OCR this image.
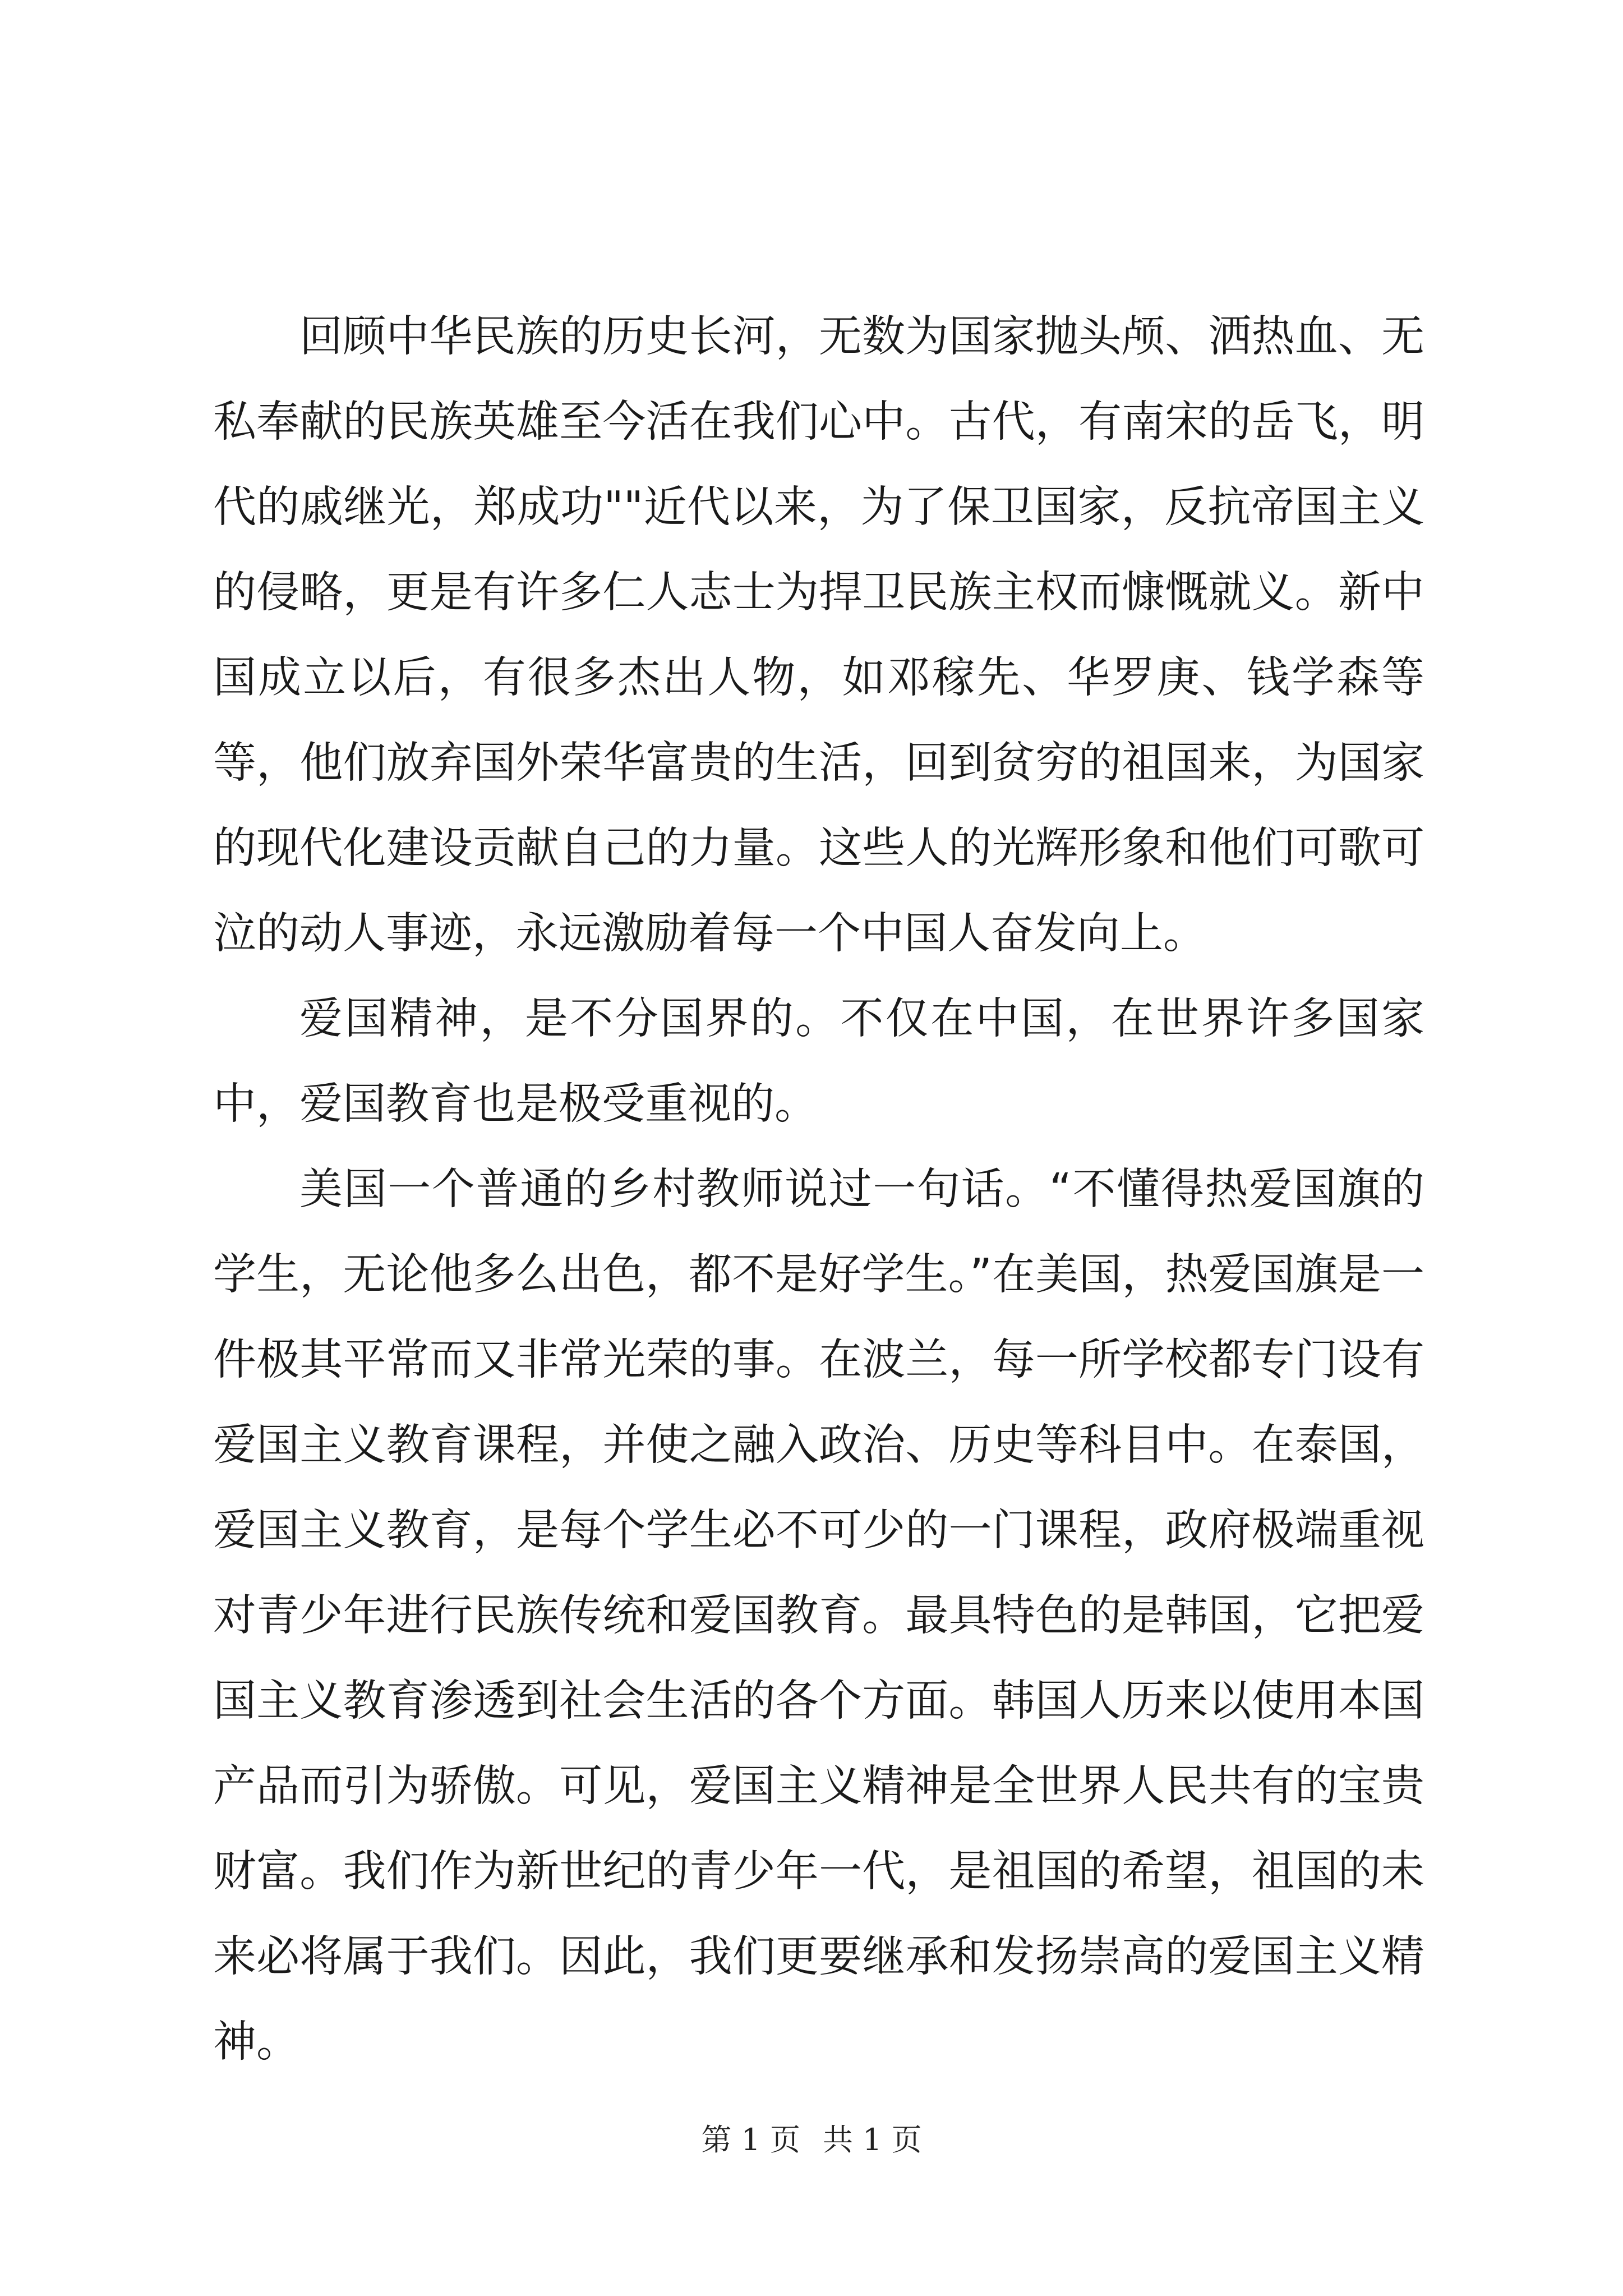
回顾中华民族的历史长河，无数为国家抛头颅、洒热血、无私奉献的民族英雄至今活在我们心中。古代，有南宋的岳飞，明代的戚继光，郑成功""近代以来，为了保卫国家，反抗帝国主义的侵略，更是有许多仁人志士为捍卫民族主权而慷慨就义。新中国成立以后，有很多杰出人物，如邓稼先、华罗庚、钱学森等等，他们放弃国外荣华富贵的生活，回到贫穷的祖国来，为国家的现代化建设贡献自己的力量。这些人的光辉形象和他们可歌可泣的动人事迹，永远激励着每一个中国人奋发向上。

爱国精神，是不分国界的。不仅在中国，在世界许多国家中，爱国教育也是极受重视的。

美国一个普通的乡村教师说过一句话。“不懂得热爱国旗的学生，无论他多么出色，都不是好学生。”在美国，热爱国旗是一件极其平常而又非常光荣的事。在波兰，每一所学校都专门设有爱国主义教育课程，并使之融入政治、历史等科目中。在泰国，爱国主义教育，是每个学生必不可少的一门课程，政府极端重视对青少年进行民族传统和爱国教育。最具特色的是韩国，它把爱国主义教育渗透到社会生活的各个方面。韩国人历来以使用本国产品而引为骄傲。可见，爱国主义精神是全世界人民共有的宝贵财富。我们作为新世纪的青少年一代，是祖国的希望，祖国的未来必将属于我们。因此，我们更要继承和发扬崇高的爱国主义精神。

第 1 页 共 1 页
